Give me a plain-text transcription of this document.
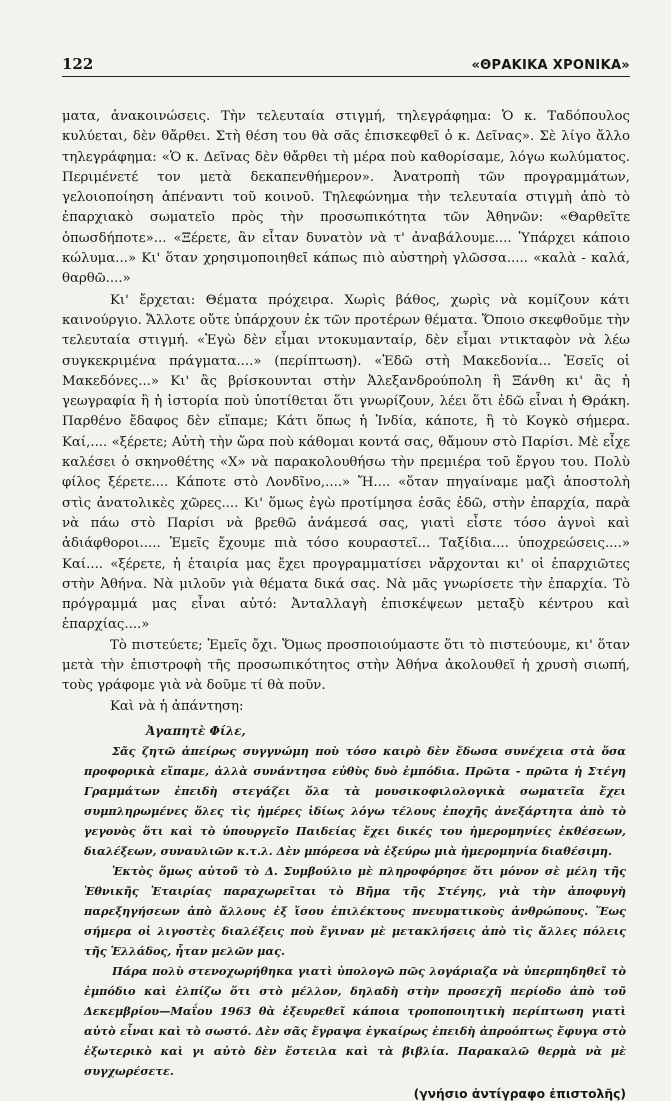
122	«ΘΡΑΚΙΚΑ ΧΡΟΝΙΚΑ»

ματα, ἀνακοινώσεις. Τὴν τελευταία στιγμή, τηλεγράφημα: Ὁ κ. Ταδόπουλος κυλύεται, δὲν θἄρθει. Στὴ θέση του θὰ σᾶς ἐπισκεφθεῖ ὁ κ. Δεῖνας». Σὲ λίγο ἄλλο τηλεγράφημα: «Ὁ κ. Δεῖνας δὲν θἄρθει τὴ μέρα ποὺ καθορίσαμε, λόγω κωλύματος. Περιμένετέ τον μετὰ δεκαπενθήμερον». Ἀνατροπὴ τῶν προγραμμάτων, γελοιοποίηση ἀπέναντι τοῦ κοινοῦ. Τηλεφώνημα τὴν τελευταία στιγμὴ ἀπὸ τὸ ἐπαρχιακὸ σωματεῖο πρὸς τὴν προσωπικότητα τῶν Ἀθηνῶν: «Θαρθεῖτε ὁπωσδήποτε»... «Ξέρετε, ἂν εἶταν δυνατὸν νὰ τ' ἀναβάλουμε.... Ὑπάρχει κάποιο κώλυμα...» Κι' ὅταν χρησιμοποιηθεῖ κάπως πιὸ αὐστηρὴ γλῶσσα..... «καλὰ - καλά, θαρθῶ....»

Κι' ἔρχεται: Θέματα πρόχειρα. Χωρὶς βάθος, χωρὶς νὰ κομίζουν κάτι καινούργιο. Ἄλλοτε οὔτε ὑπάρχουν ἐκ τῶν προτέρων θέματα. Ὅποιο σκεφθοῦμε τὴν τελευταία στιγμή. «Ἐγὼ δὲν εἶμαι ντοκυμανταίρ, δὲν εἶμαι ντικταφὸν νὰ λέω συγκεκριμένα πράγματα....» (περίπτωση). «Ἐδῶ στὴ Μακεδονία... Ἐσεῖς οἱ Μακεδόνες...» Κι' ἂς βρίσκουνται στὴν Ἀλεξανδρούπολη ἢ Ξάνθη κι' ἂς ἡ γεωγραφία ἢ ἡ ἱστορία ποὺ ὑποτίθεται ὅτι γνωρίζουν, λέει ὅτι ἐδῶ εἶναι ἡ Θράκη. Παρθένο ἔδαφος δὲν εἴπαμε; Κάτι ὅπως ἡ Ἰνδία, κάποτε, ἢ τὸ Κογκὸ σήμερα. Καί,.... «ξέρετε; Αὐτὴ τὴν ὥρα ποὺ κάθομαι κοντά σας, θἄμουν στὸ Παρίσι. Μὲ εἶχε καλέσει ὁ σκηνοθέτης «Χ» νὰ παρακολουθήσω τὴν πρεμιέρα τοῦ ἔργου του. Πολὺ φίλος ξέρετε.... Κάποτε στὸ Λονδῖνο,....» Ἤ.... «ὅταν πηγαίναμε μαζὶ ἀποστολὴ στὶς ἀνατολικὲς χῶρες.... Κι' ὅμως ἐγὼ προτίμησα ἐσᾶς ἐδῶ, στὴν ἐπαρχία, παρὰ νὰ πάω στὸ Παρίσι νὰ βρεθῶ ἀνάμεσά σας, γιατὶ εἶστε τόσο ἁγνοὶ καὶ ἀδιάφθοροι..... Ἐμεῖς ἔχουμε πιὰ τόσο κουραστεῖ... Ταξίδια.... ὑποχρεώσεις....» Καί.... «ξέρετε, ἡ ἑταιρία μας ἔχει προγραμματίσει νἄρχονται κι' οἱ ἐπαρχιῶτες στὴν Ἀθήνα. Νὰ μιλοῦν γιὰ θέματα δικά σας. Νὰ μᾶς γνωρίσετε τὴν ἐπαρχία. Τὸ πρόγραμμά μας εἶναι αὐτό: Ἀνταλλαγὴ ἐπισκέψεων μεταξὺ κέντρου καὶ ἐπαρχίας....»

Τὸ πιστεύετε; Ἐμεῖς ὄχι. Ὅμως προσποιούμαστε ὅτι τὸ πιστεύουμε, κι' ὅταν μετὰ τὴν ἐπιστροφὴ τῆς προσωπικότητος στὴν Ἀθήνα ἀκολουθεῖ ἡ χρυσὴ σιωπή, τοὺς γράφομε γιὰ νὰ δοῦμε τί θὰ ποῦν.

Καὶ νὰ ἡ ἀπάντηση:

Ἀγαπητὲ Φίλε,

Σᾶς ζητῶ ἀπείρως συγγνώμη ποὺ τόσο καιρὸ δὲν ἔδωσα συνέχεια στὰ ὅσα προφορικὰ εἴπαμε, ἀλλὰ συνάντησα εὐθὺς δυὸ ἐμπόδια. Πρῶτα - πρῶτα ἡ Στέγη Γραμμάτων ἐπειδὴ στεγάζει ὅλα τὰ μουσικοφιλολογικὰ σωματεῖα ἔχει συμπληρωμένες ὅλες τὶς ἡμέρες ἰδίως λόγω τέλους ἐποχῆς ἀνεξάρτητα ἀπὸ τὸ γεγονὸς ὅτι καὶ τὸ ὑπουργεῖο Παιδείας ἔχει δικές του ἡμερομηνίες ἐκθέσεων, διαλέξεων, συναυλιῶν κ.τ.λ. Δὲν μπόρεσα νὰ ἐξεύρω μιὰ ἡμερομηνία διαθέσιμη.

Ἐκτὸς ὅμως αὐτοῦ τὸ Δ. Συμβούλιο μὲ πληροφόρησε ὅτι μόνον σὲ μέλη τῆς Ἐθνικῆς Ἑταιρίας παραχωρεῖται τὸ Βῆμα τῆς Στέγης, γιὰ τὴν ἀποφυγὴ παρεξηγήσεων ἀπὸ ἄλλους ἐξ ἴσου ἐπιλέκτους πνευματικοὺς ἀνθρώπους. Ἕως σήμερα οἱ λιγοστὲς διαλέξεις ποὺ ἔγιναν μὲ μετακλήσεις ἀπὸ τὶς ἄλλες πόλεις τῆς Ἑλλάδος, ἦταν μελῶν μας.

Πάρα πολὺ στενοχωρήθηκα γιατὶ ὑπολογῶ πῶς λογάριαζα νὰ ὑπερπηδηθεῖ τὸ ἐμπόδιο καὶ ἐλπίζω ὅτι στὸ μέλλον, δηλαδὴ στὴν προσεχῆ περίοδο ἀπὸ τοῦ Δεκεμβρίου—Μαΐου 1963 θὰ ἐξευρεθεῖ κάποια τροποποιητικὴ περίπτωση γιατὶ αὐτὸ εἶναι καὶ τὸ σωστό. Δὲν σᾶς ἔγραψα ἐγκαίρως ἐπειδὴ ἀπροόπτως ἔφυγα στὸ ἐξωτερικὸ καὶ γι αὐτὸ δὲν ἔστειλα καὶ τὰ βιβλία. Παρακαλῶ θερμὰ νὰ μὲ συγχωρέσετε.

(γνήσιο ἀντίγραφο ἐπιστολῆς)
